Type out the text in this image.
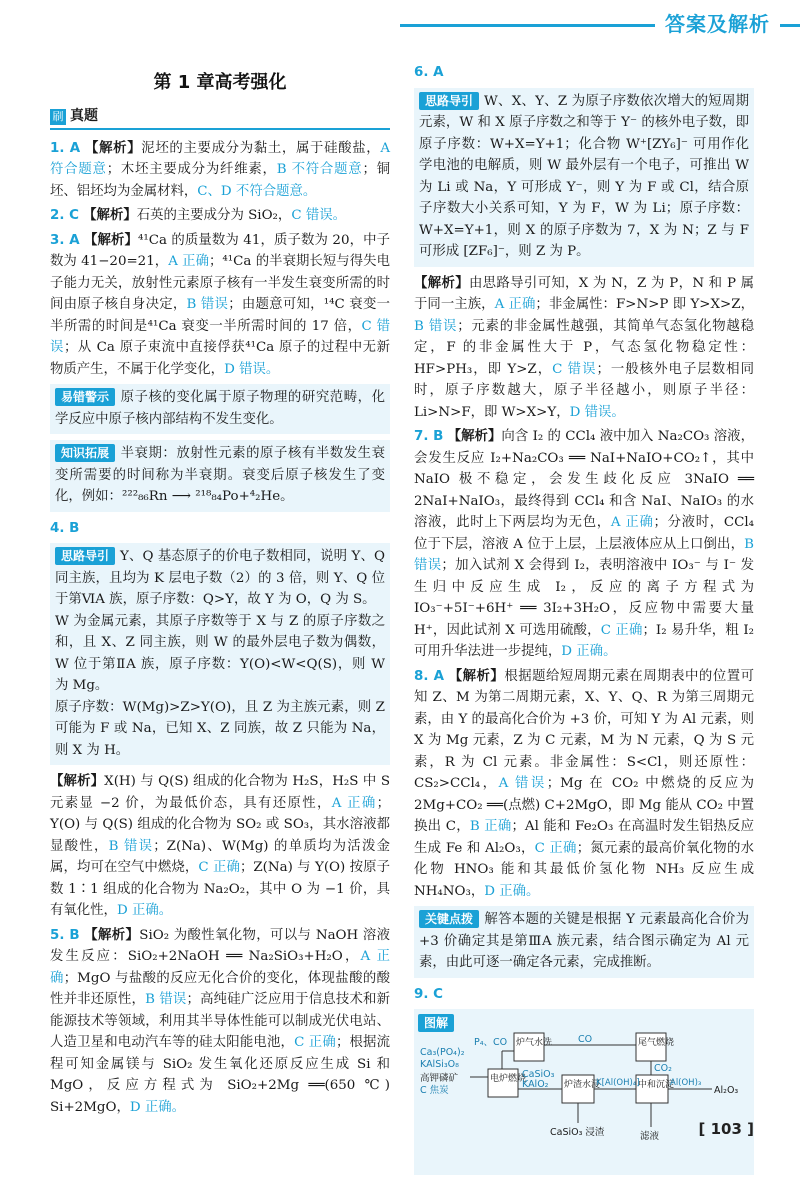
答案及解析
第 1 章高考强化
刷 真题
1. A 【解析】泥坯的主要成分为黏土，属于硅酸盐，A 符合题意；木坯主要成分为纤维素，B 不符合题意；铜坯、铝坯均为金属材料，C、D 不符合题意。
2. C 【解析】石英的主要成分为 SiO₂，C 错误。
3. A 【解析】⁴¹Ca 的质量数为 41，质子数为 20，中子数为 41−20=21，A 正确；⁴¹Ca 的半衰期长短与得失电子能力无关，放射性元素原子核有一半发生衰变所需的时间由原子核自身决定，B 错误；由题意可知，¹⁴C 衰变一半所需的时间是⁴¹Ca 衰变一半所需时间的 17 倍，C 错误；从 Ca 原子束流中直接俘获⁴¹Ca 原子的过程中无新物质产生，不属于化学变化，D 错误。
易错警示 原子核的变化属于原子物理的研究范畴，化学反应中原子核内部结构不发生变化。
知识拓展 半衰期：放射性元素的原子核有半数发生衰变所需要的时间称为半衰期。衰变后原子核发生了变化，例如：²²²₈₆Rn ⟶ ²¹⁸₈₄Po+⁴₂He。
4. B
思路导引 Y、Q 基态原子的价电子数相同，说明 Y、Q 同主族，且均为 K 层电子数（2）的 3 倍，则 Y、Q 位于第ⅥA 族，原子序数：Q>Y，故 Y 为 O，Q 为 S。
W 为金属元素，其原子序数等于 X 与 Z 的原子序数之和，且 X、Z 同主族，则 W 的最外层电子数为偶数，W 位于第ⅡA 族，原子序数：Y(O)<W<Q(S)，则 W 为 Mg。
原子序数：W(Mg)>Z>Y(O)，且 Z 为主族元素，则 Z 可能为 F 或 Na，已知 X、Z 同族，故 Z 只能为 Na，则 X 为 H。
【解析】X(H) 与 Q(S) 组成的化合物为 H₂S，H₂S 中 S 元素显 −2 价，为最低价态，具有还原性，A 正确；Y(O) 与 Q(S) 组成的化合物为 SO₂ 或 SO₃，其水溶液都显酸性，B 错误；Z(Na)、W(Mg) 的单质均为活泼金属，均可在空气中燃烧，C 正确；Z(Na) 与 Y(O) 按原子数 1∶1 组成的化合物为 Na₂O₂，其中 O 为 −1 价，具有氧化性，D 正确。
5. B 【解析】SiO₂ 为酸性氧化物，可以与 NaOH 溶液发生反应：SiO₂+2NaOH ══ Na₂SiO₃+H₂O，A 正确；MgO 与盐酸的反应无化合价的变化，体现盐酸的酸性并非还原性，B 错误；高纯硅广泛应用于信息技术和新能源技术等领域，利用其半导体性能可以制成光伏电站、人造卫星和电动汽车等的硅太阳能电池，C 正确；根据流程可知金属镁与 SiO₂ 发生氧化还原反应生成 Si 和 MgO，反应方程式为 SiO₂+2Mg ══(650 ℃) Si+2MgO，D 正确。
6. A
思路导引 W、X、Y、Z 为原子序数依次增大的短周期元素，W 和 X 原子序数之和等于 Y⁻ 的核外电子数，即原子序数：W+X=Y+1；化合物 W⁺[ZY₆]⁻ 可用作化学电池的电解质，则 W 最外层有一个电子，可推出 W 为 Li 或 Na，Y 可形成 Y⁻，则 Y 为 F 或 Cl，结合原子序数大小关系可知，Y 为 F，W 为 Li；原子序数：W+X=Y+1，则 X 的原子序数为 7，X 为 N；Z 与 F 可形成 [ZF₆]⁻，则 Z 为 P。
【解析】由思路导引可知，X 为 N，Z 为 P，N 和 P 属于同一主族，A 正确；非金属性：F>N>P 即 Y>X>Z，B 错误；元素的非金属性越强，其简单气态氢化物越稳定，F 的非金属性大于 P，气态氢化物稳定性：HF>PH₃，即 Y>Z，C 错误；一般核外电子层数相同时，原子序数越大，原子半径越小，则原子半径：Li>N>F，即 W>X>Y，D 错误。
7. B 【解析】向含 I₂ 的 CCl₄ 液中加入 Na₂CO₃ 溶液，会发生反应 I₂+Na₂CO₃ ══ NaI+NaIO+CO₂↑，其中 NaIO 极不稳定，会发生歧化反应 3NaIO ══ 2NaI+NaIO₃，最终得到 CCl₄ 和含 NaI、NaIO₃ 的水溶液，此时上下两层均为无色，A 正确；分液时，CCl₄ 位于下层，溶液 A 位于上层，上层液体应从上口倒出，B 错误；加入试剂 X 会得到 I₂，表明溶液中 IO₃⁻ 与 I⁻ 发生归中反应生成 I₂，反应的离子方程式为 IO₃⁻+5I⁻+6H⁺ ══ 3I₂+3H₂O，反应物中需要大量 H⁺，因此试剂 X 可选用硫酸，C 正确；I₂ 易升华，粗 I₂ 可用升华法进一步提纯，D 正确。
8. A 【解析】根据题给短周期元素在周期表中的位置可知 Z、M 为第二周期元素，X、Y、Q、R 为第三周期元素，由 Y 的最高化合价为 +3 价，可知 Y 为 Al 元素，则 X 为 Mg 元素，Z 为 C 元素，M 为 N 元素，Q 为 S 元素，R 为 Cl 元素。非金属性：S<Cl，则还原性：CS₂>CCl₄，A 错误；Mg 在 CO₂ 中燃烧的反应为 2Mg+CO₂ ══(点燃) C+2MgO，即 Mg 能从 CO₂ 中置换出 C，B 正确；Al 能和 Fe₂O₃ 在高温时发生铝热反应生成 Fe 和 Al₂O₃，C 正确；氮元素的最高价氧化物的水化物 HNO₃ 能和其最低价氢化物 NH₃ 反应生成 NH₄NO₃，D 正确。
关键点拨 解答本题的关键是根据 Y 元素最高化合价为 +3 价确定其是第ⅢA 族元素，结合图示确定为 Al 元素，由此可逐一确定各元素，完成推断。
9. C
图解
Ca₃(PO₄)₂
KAlSi₃O₈
高钾磷矿
C 焦炭
电炉燃烧
炉气水洗	尾气燃烧
炉渣水浸	中和沉淀
P₄、CO	CO
CO₂
CaSiO₃
KAlO₂	K[Al(OH)₄]	Al(OH)₃
Al₂O₃
CaSiO₃ 浸渣	滤液	[ 103 ]
